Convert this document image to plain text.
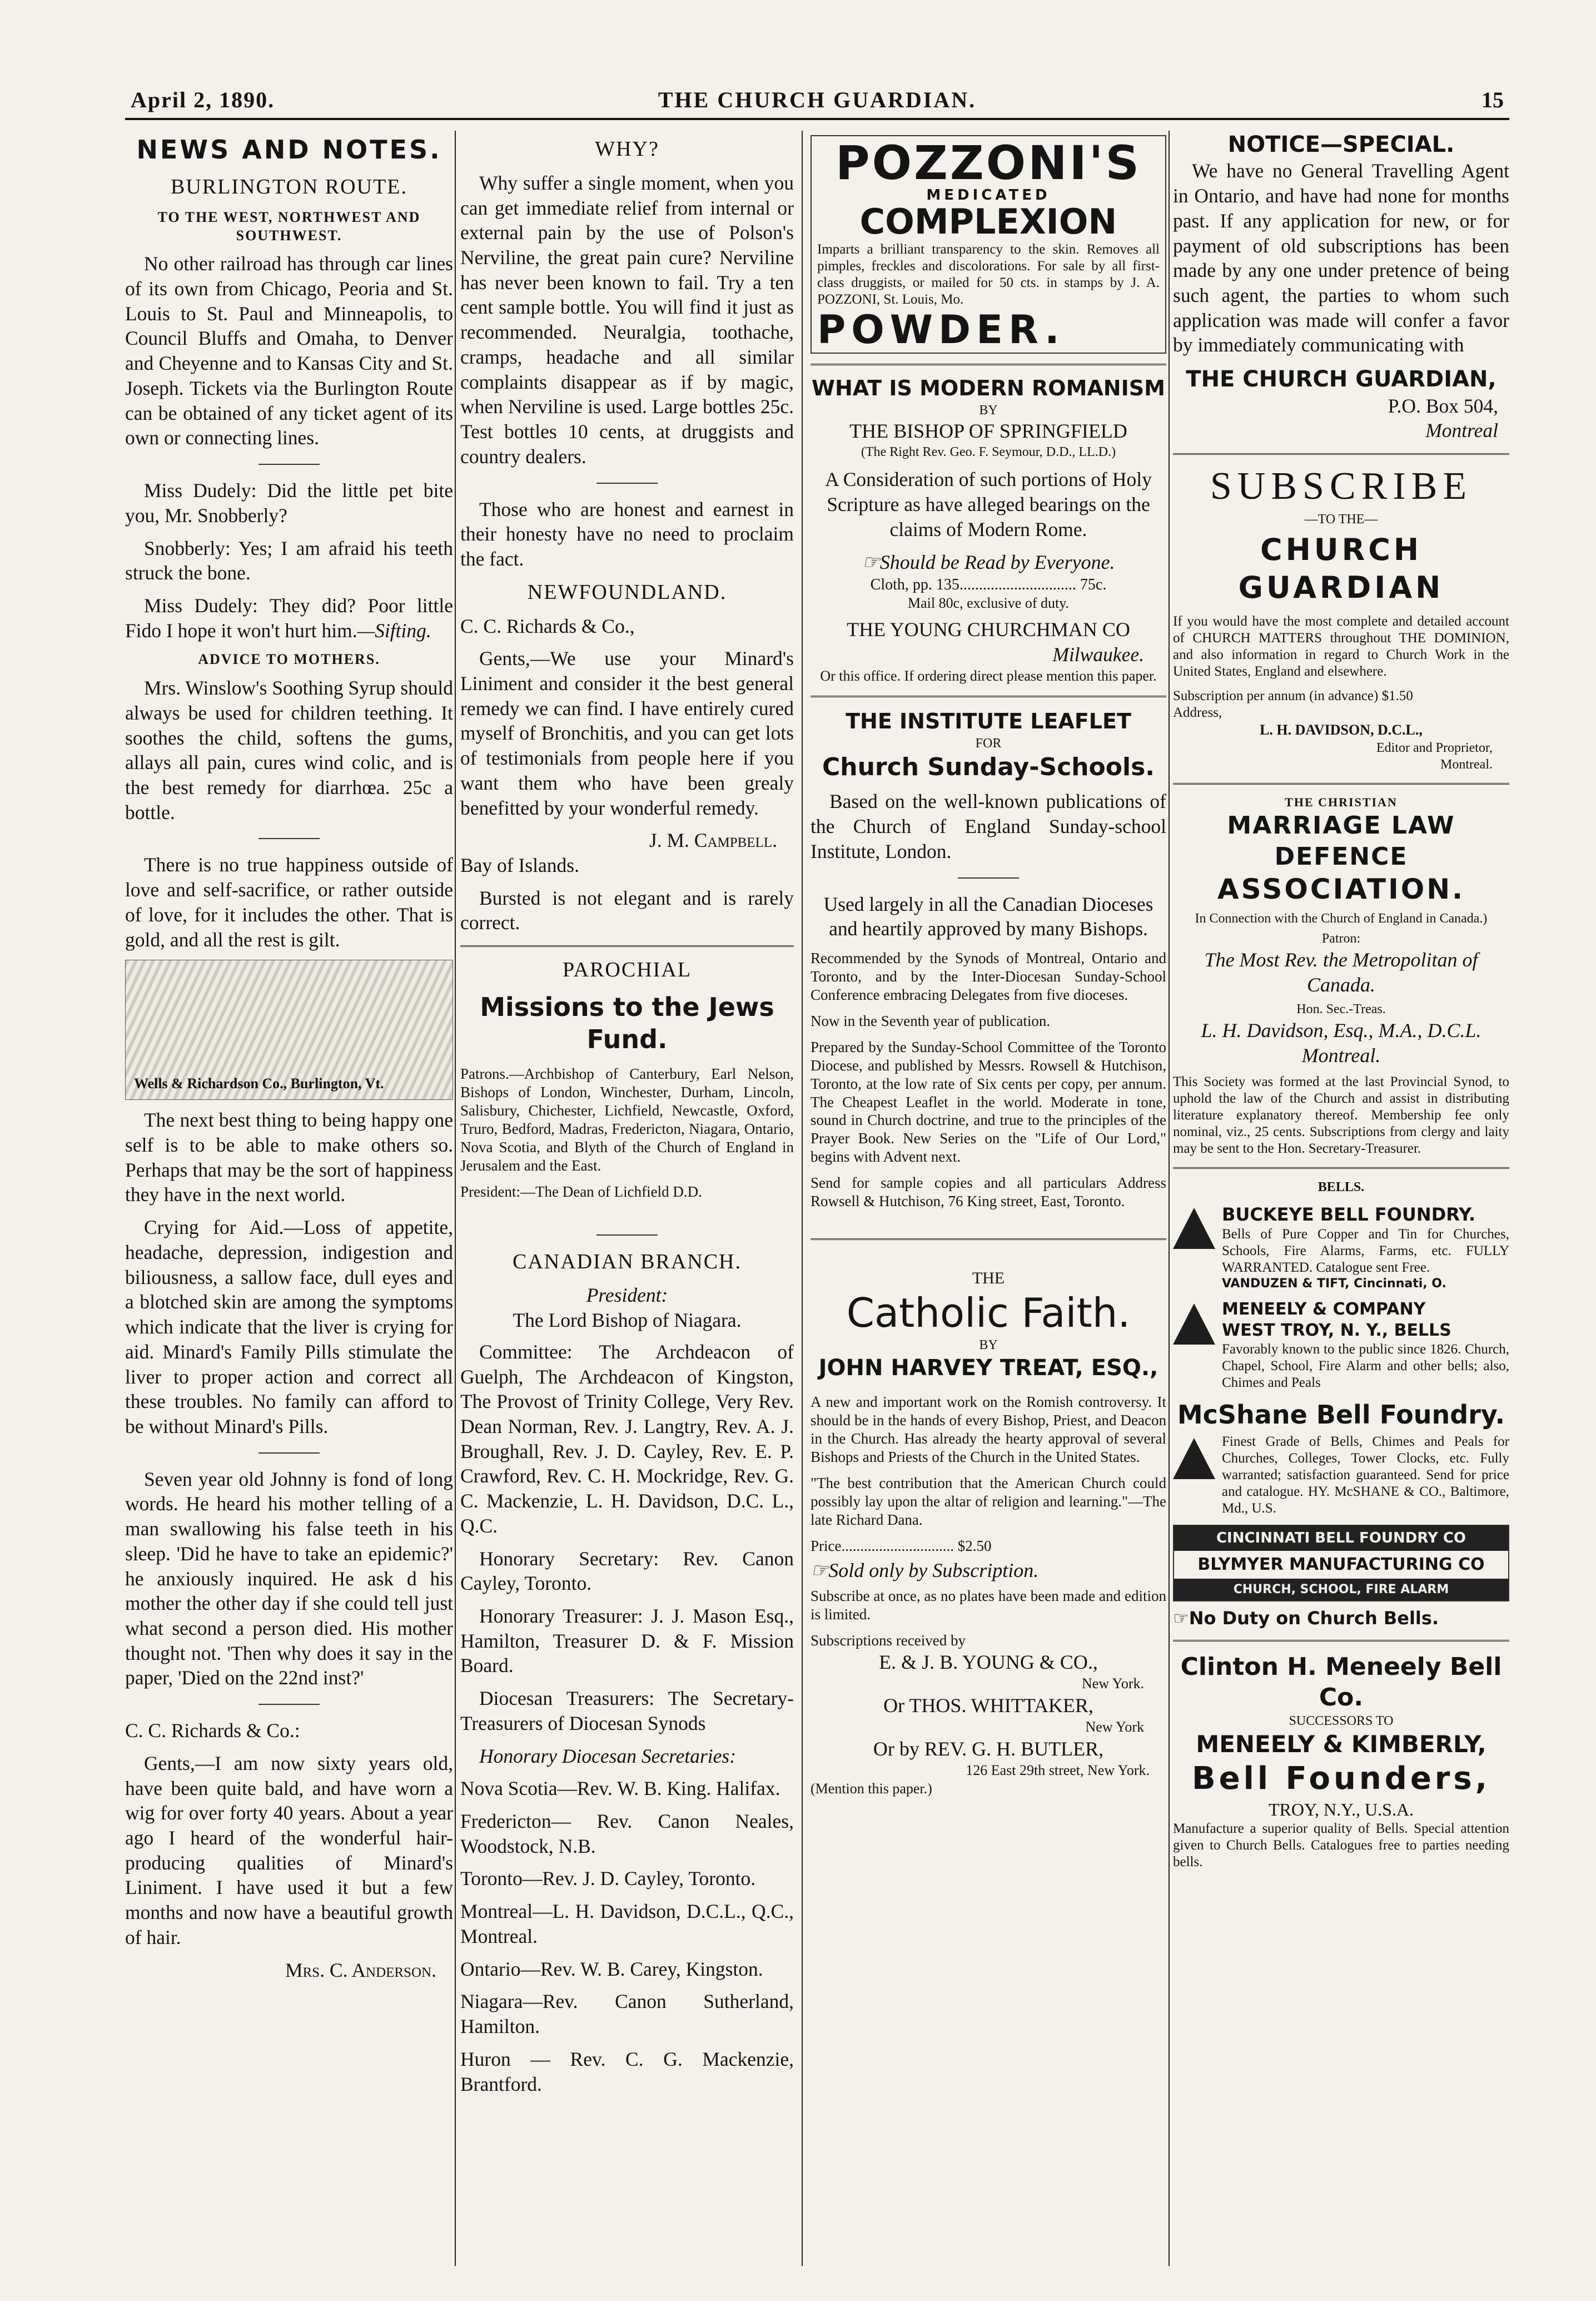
April 2, 1890.	THE CHURCH GUARDIAN.	15
NEWS AND NOTES.
BURLINGTON ROUTE.
TO THE WEST, NORTHWEST AND SOUTHWEST.

No other railroad has through car lines of its own from Chicago, Peoria and St. Louis to St. Paul and Minneapolis, to Council Bluffs and Omaha, to Denver and Cheyenne and to Kansas City and St. Joseph. Tickets via the Burlington Route can be obtained of any ticket agent of its own or connecting lines.

Miss Dudely: Did the little pet bite you, Mr. Snobberly?

Snobberly: Yes; I am afraid his teeth struck the bone.

Miss Dudely: They did? Poor little Fido I hope it won't hurt him.—Sifting.

ADVICE TO MOTHERS.

Mrs. Winslow's Soothing Syrup should always be used for children teething. It soothes the child, softens the gums, allays all pain, cures wind colic, and is the best remedy for diarrhœa. 25c a bottle.

There is no true happiness outside of love and self-sacrifice, or rather outside of love, for it includes the other. That is gold, and all the rest is gilt.

Wells & Richardson Co., Burlington, Vt.

The next best thing to being happy one self is to be able to make others so. Perhaps that may be the sort of happiness they have in the next world.

Crying for Aid.—Loss of appetite, headache, depression, indigestion and biliousness, a sallow face, dull eyes and a blotched skin are among the symptoms which indicate that the liver is crying for aid. Minard's Family Pills stimulate the liver to proper action and correct all these troubles. No family can afford to be without Minard's Pills.

Seven year old Johnny is fond of long words. He heard his mother telling of a man swallowing his false teeth in his sleep. 'Did he have to take an epidemic?' he anxiously inquired. He ask d his mother the other day if she could tell just what second a person died. His mother thought not. 'Then why does it say in the paper, 'Died on the 22nd inst?'

C. C. Richards & Co.:

Gents,—I am now sixty years old, have been quite bald, and have worn a wig for over forty 40 years. About a year ago I heard of the wonderful hair-producing qualities of Minard's Liniment. I have used it but a few months and now have a beautiful growth of hair.

Mrs. C. Anderson.
WHY?

Why suffer a single moment, when you can get immediate relief from internal or external pain by the use of Polson's Nerviline, the great pain cure? Nerviline has never been known to fail. Try a ten cent sample bottle. You will find it just as recommended. Neuralgia, toothache, cramps, headache and all similar complaints disappear as if by magic, when Nerviline is used. Large bottles 25c. Test bottles 10 cents, at druggists and country dealers.

Those who are honest and earnest in their honesty have no need to proclaim the fact.

NEWFOUNDLAND.

C. C. Richards & Co.,

Gents,—We use your Minard's Liniment and consider it the best general remedy we can find. I have entirely cured myself of Bronchitis, and you can get lots of testimonials from people here if you want them who have been grealy benefitted by your wonderful remedy.

J. M. Campbell.

Bay of Islands.

Bursted is not elegant and is rarely correct.

PAROCHIAL
Missions to the Jews Fund.

Patrons.—Archbishop of Canterbury, Earl Nelson, Bishops of London, Winchester, Durham, Lincoln, Salisbury, Chichester, Lichfield, Newcastle, Oxford, Truro, Bedford, Madras, Fredericton, Niagara, Ontario, Nova Scotia, and Blyth of the Church of England in Jerusalem and the East.

President:—The Dean of Lichfield D.D.

CANADIAN BRANCH.
President:
The Lord Bishop of Niagara.

Committee: The Archdeacon of Guelph, The Archdeacon of Kingston, The Provost of Trinity College, Very Rev. Dean Norman, Rev. J. Langtry, Rev. A. J. Broughall, Rev. J. D. Cayley, Rev. E. P. Crawford, Rev. C. H. Mockridge, Rev. G. C. Mackenzie, L. H. Davidson, D.C. L., Q.C.

Honorary Secretary: Rev. Canon Cayley, Toronto.

Honorary Treasurer: J. J. Mason Esq., Hamilton, Treasurer D. & F. Mission Board.

Diocesan Treasurers: The Secretary-Treasurers of Diocesan Synods

Honorary Diocesan Secretaries:

Nova Scotia—Rev. W. B. King. Halifax.

Fredericton— Rev. Canon Neales, Woodstock, N.B.

Toronto—Rev. J. D. Cayley, Toronto.

Montreal—L. H. Davidson, D.C.L., Q.C., Montreal.

Ontario—Rev. W. B. Carey, Kingston.

Niagara—Rev. Canon Sutherland, Hamilton.

Huron — Rev. C. G. Mackenzie, Brantford.

POZZONI'S
MEDICATED
COMPLEXION
Imparts a brilliant transparency to the skin. Removes all pimples, freckles and discolorations. For sale by all first-class druggists, or mailed for 50 cts. in stamps by J. A. POZZONI, St. Louis, Mo.
POWDER.
WHAT IS MODERN ROMANISM
BY
THE BISHOP OF SPRINGFIELD
(The Right Rev. Geo. F. Seymour, D.D., LL.D.)

A Consideration of such portions of Holy Scripture as have alleged bearings on the claims of Modern Rome.

☞Should be Read by Everyone.
Cloth, pp. 135.............................. 75c.
Mail 80c, exclusive of duty.
THE YOUNG CHURCHMAN CO
Milwaukee.
Or this office. If ordering direct please mention this paper.
THE INSTITUTE LEAFLET
FOR
Church Sunday-Schools.

Based on the well-known publications of the Church of England Sunday-school Institute, London.

Used largely in all the Canadian Dioceses and heartily approved by many Bishops.

Recommended by the Synods of Montreal, Ontario and Toronto, and by the Inter-Diocesan Sunday-School Conference embracing Delegates from five dioceses.

Now in the Seventh year of publication.

Prepared by the Sunday-School Committee of the Toronto Diocese, and published by Messrs. Rowsell & Hutchison, Toronto, at the low rate of Six cents per copy, per annum. The Cheapest Leaflet in the world. Moderate in tone, sound in Church doctrine, and true to the principles of the Prayer Book. New Series on the "Life of Our Lord," begins with Advent next.

Send for sample copies and all particulars Address Rowsell & Hutchison, 76 King street, East, Toronto.

THE
Catholic Faith.
BY
JOHN HARVEY TREAT, ESQ.,

A new and important work on the Romish controversy. It should be in the hands of every Bishop, Priest, and Deacon in the Church. Has already the hearty approval of several Bishops and Priests of the Church in the United States.

"The best contribution that the American Church could possibly lay upon the altar of religion and learning."—The late Richard Dana.

Price.............................. $2.50
☞Sold only by Subscription.

Subscribe at once, as no plates have been made and edition is limited.

Subscriptions received by
E. & J. B. YOUNG & CO.,
New York.
Or THOS. WHITTAKER,
New York
Or by REV. G. H. BUTLER,
126 East 29th street, New York.
(Mention this paper.)
NOTICE—SPECIAL.

We have no General Travelling Agent in Ontario, and have had none for months past. If any application for new, or for payment of old subscriptions has been made by any one under pretence of being such agent, the parties to whom such application was made will confer a favor by immediately communicating with

THE CHURCH GUARDIAN,
P.O. Box 504,
Montreal
SUBSCRIBE
—TO THE—
CHURCH GUARDIAN

If you would have the most complete and detailed account of CHURCH MATTERS throughout THE DOMINION, and also information in regard to Church Work in the United States, England and elsewhere.

Subscription per annum (in advance) $1.50
Address,
L. H. DAVIDSON, D.C.L.,
Editor and Proprietor,
Montreal.
THE CHRISTIAN
MARRIAGE LAW DEFENCE
ASSOCIATION.
In Connection with the Church of England in Canada.)
Patron:
The Most Rev. the Metropolitan of Canada.
Hon. Sec.-Treas.
L. H. Davidson, Esq., M.A., D.C.L. Montreal.

This Society was formed at the last Provincial Synod, to uphold the law of the Church and assist in distributing literature explanatory thereof. Membership fee only nominal, viz., 25 cents. Subscriptions from clergy and laity may be sent to the Hon. Secretary-Treasurer.

BELLS.
BUCKEYE BELL FOUNDRY.
Bells of Pure Copper and Tin for Churches, Schools, Fire Alarms, Farms, etc. FULLY WARRANTED. Catalogue sent Free.
VANDUZEN & TIFT, Cincinnati, O.
MENEELY & COMPANY
WEST TROY, N. Y., BELLS
Favorably known to the public since 1826. Church, Chapel, School, Fire Alarm and other bells; also, Chimes and Peals
McShane Bell Foundry.
Finest Grade of Bells, Chimes and Peals for Churches, Colleges, Tower Clocks, etc. Fully warranted; satisfaction guaranteed. Send for price and catalogue. HY. McSHANE & CO., Baltimore, Md., U.S.
CINCINNATI BELL FOUNDRY CO
BLYMYER MANUFACTURING CO
CHURCH, SCHOOL, FIRE ALARM
☞No Duty on Church Bells.
Clinton H. Meneely Bell Co.
SUCCESSORS TO
MENEELY & KIMBERLY,
Bell Founders,
TROY, N.Y., U.S.A.
Manufacture a superior quality of Bells. Special attention given to Church Bells. Catalogues free to parties needing bells.
